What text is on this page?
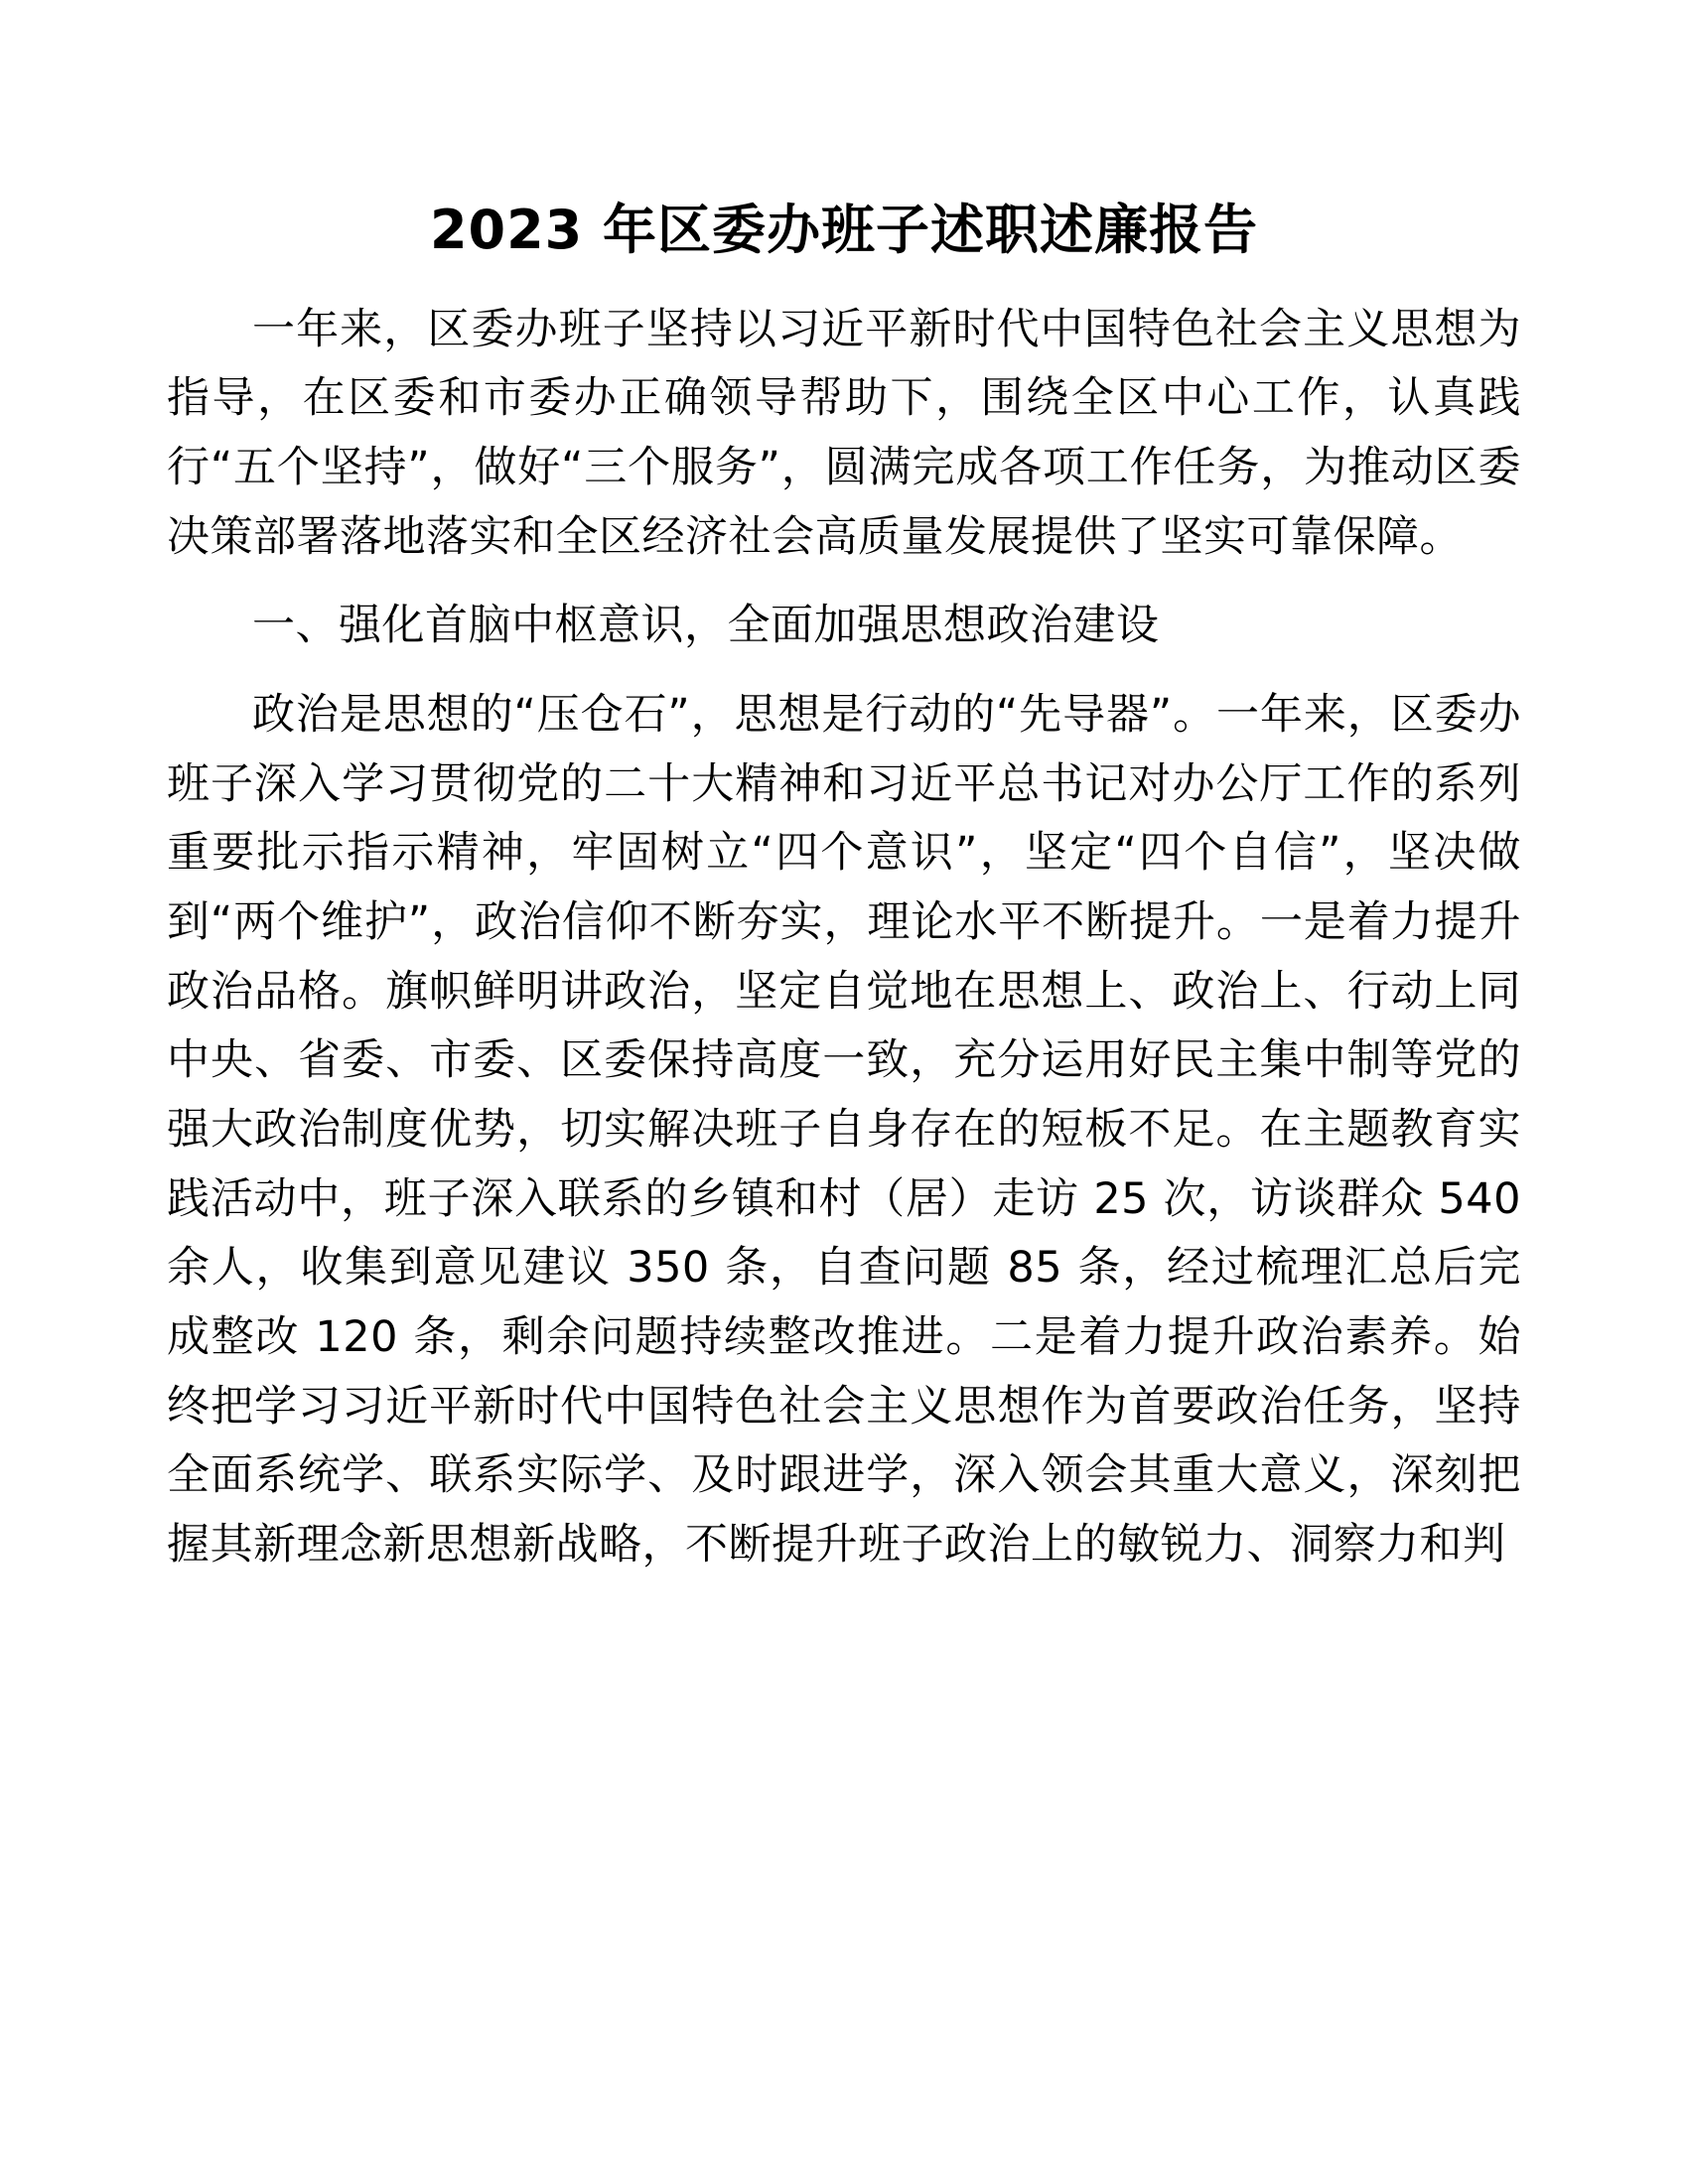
2023 年区委办班子述职述廉报告

一年来，区委办班子坚持以习近平新时代中国特色社会主义思想为指导，在区委和市委办正确领导帮助下，围绕全区中心工作，认真践行“五个坚持”，做好“三个服务”，圆满完成各项工作任务，为推动区委决策部署落地落实和全区经济社会高质量发展提供了坚实可靠保障。

一、强化首脑中枢意识，全面加强思想政治建设

政治是思想的“压仓石”，思想是行动的“先导器”。一年来，区委办班子深入学习贯彻党的二十大精神和习近平总书记对办公厅工作的系列重要批示指示精神，牢固树立“四个意识”，坚定“四个自信”，坚决做到“两个维护”，政治信仰不断夯实，理论水平不断提升。一是着力提升政治品格。旗帜鲜明讲政治，坚定自觉地在思想上、政治上、行动上同中央、省委、市委、区委保持高度一致，充分运用好民主集中制等党的强大政治制度优势，切实解决班子自身存在的短板不足。在主题教育实践活动中，班子深入联系的乡镇和村（居）走访 25 次，访谈群众 540 余人，收集到意见建议 350 条，自查问题 85 条，经过梳理汇总后完成整改 120 条，剩余问题持续整改推进。二是着力提升政治素养。始终把学习习近平新时代中国特色社会主义思想作为首要政治任务，坚持全面系统学、联系实际学、及时跟进学，深入领会其重大意义，深刻把握其新理念新思想新战略，不断提升班子政治上的敏锐力、洞察力和判
